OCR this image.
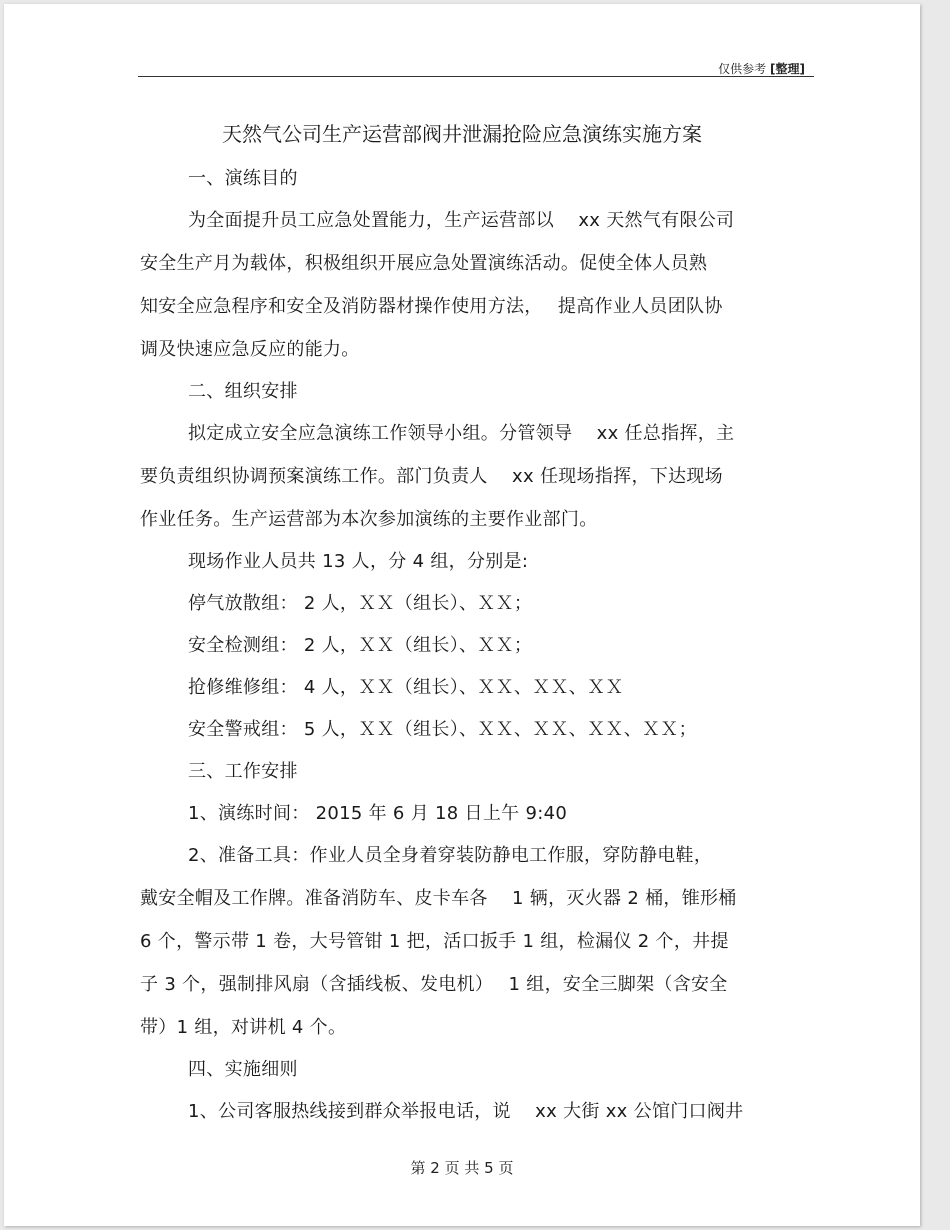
仅供参考 [整理]
天然气公司生产运营部阀井泄漏抢险应急演练实施方案
一、演练目的
为全面提升员工应急处置能力，生产运营部以　 xx 天然气有限公司
安全生产月为载体，积极组织开展应急处置演练活动。促使全体人员熟
知安全应急程序和安全及消防器材操作使用方法，　 提高作业人员团队协
调及快速应急反应的能力。
二、组织安排
拟定成立安全应急演练工作领导小组。分管领导　 xx 任总指挥，主
要负责组织协调预案演练工作。部门负责人　 xx 任现场指挥，下达现场
作业任务。生产运营部为本次参加演练的主要作业部门。
现场作业人员共 13 人，分 4 组，分别是:
停气放散组： 2 人，ＸＸ（组长）、ＸＸ；
安全检测组： 2 人，ＸＸ（组长）、ＸＸ；
抢修维修组： 4 人，ＸＸ（组长）、ＸＸ、ＸＸ、ＸＸ
安全警戒组： 5 人，ＸＸ（组长）、ＸＸ、ＸＸ、ＸＸ、ＸＸ；
三、工作安排
1、演练时间： 2015 年 6 月 18 日上午 9:40
2、准备工具：作业人员全身着穿装防静电工作服，穿防静电鞋，
戴安全帽及工作牌。准备消防车、皮卡车各　 1 辆，灭火器 2 桶，锥形桶
6 个，警示带 1 卷，大号管钳 1 把，活口扳手 1 组，检漏仪 2 个，井提
子 3 个，强制排风扇（含插线板、发电机）　 1 组，安全三脚架（含安全
带）1 组，对讲机 4 个。
四、实施细则
1、公司客服热线接到群众举报电话，说　 xx 大街 xx 公馆门口阀井
第 2 页 共 5 页
